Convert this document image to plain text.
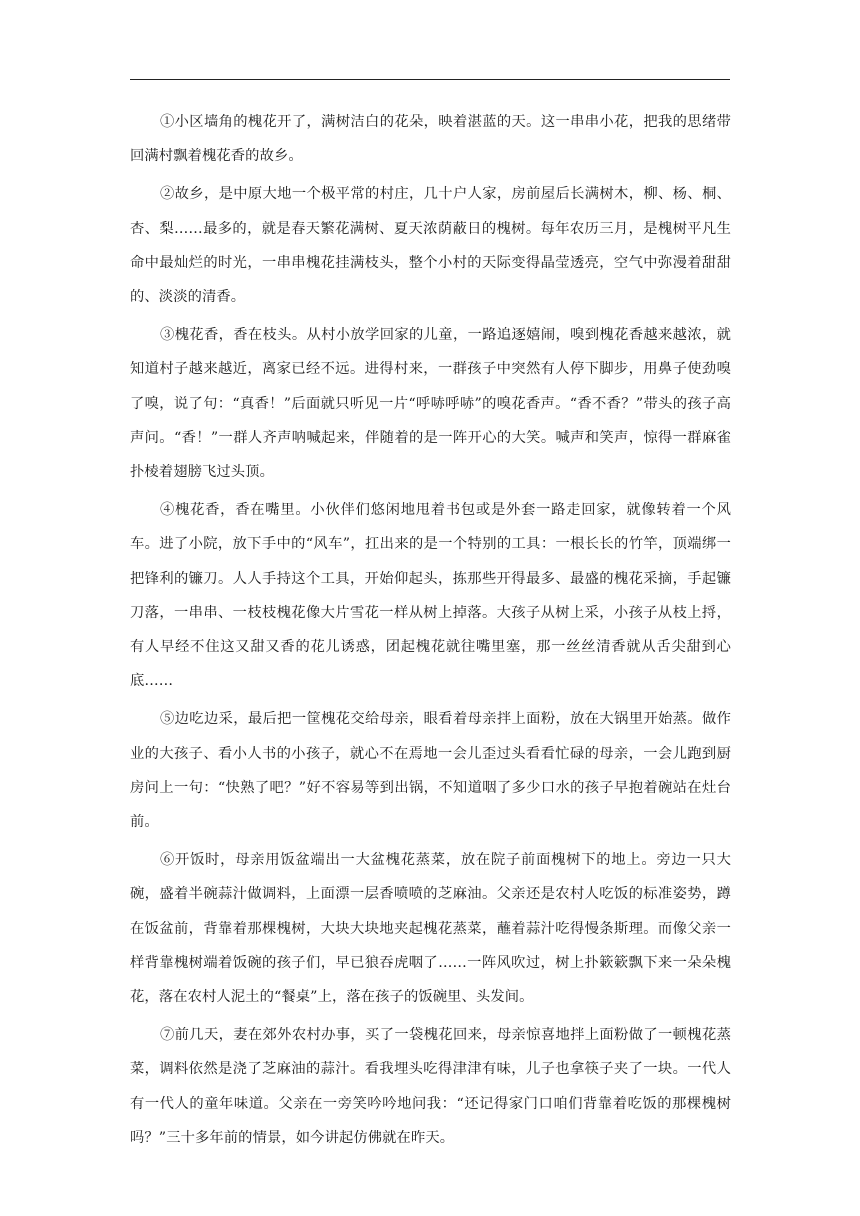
①小区墙角的槐花开了，满树洁白的花朵，映着湛蓝的天。这一串串小花，把我的思绪带回满村飘着槐花香的故乡。

②故乡，是中原大地一个极平常的村庄，几十户人家，房前屋后长满树木，柳、杨、桐、杏、梨……最多的，就是春天繁花满树、夏天浓荫蔽日的槐树。每年农历三月，是槐树平凡生命中最灿烂的时光，一串串槐花挂满枝头，整个小村的天际变得晶莹透亮，空气中弥漫着甜甜的、淡淡的清香。

③槐花香，香在枝头。从村小放学回家的儿童，一路追逐嬉闹，嗅到槐花香越来越浓，就知道村子越来越近，离家已经不远。进得村来，一群孩子中突然有人停下脚步，用鼻子使劲嗅了嗅，说了句：“真香！”后面就只听见一片“呼哧呼哧”的嗅花香声。“香不香？”带头的孩子高声问。“香！”一群人齐声呐喊起来，伴随着的是一阵开心的大笑。喊声和笑声，惊得一群麻雀扑棱着翅膀飞过头顶。

④槐花香，香在嘴里。小伙伴们悠闲地甩着书包或是外套一路走回家，就像转着一个风车。进了小院，放下手中的“风车”，扛出来的是一个特别的工具：一根长长的竹竿，顶端绑一把锋利的镰刀。人人手持这个工具，开始仰起头，拣那些开得最多、最盛的槐花采摘，手起镰刀落，一串串、一枝枝槐花像大片雪花一样从树上掉落。大孩子从树上采，小孩子从枝上捋，有人早经不住这又甜又香的花儿诱惑，团起槐花就往嘴里塞，那一丝丝清香就从舌尖甜到心底……

⑤边吃边采，最后把一筐槐花交给母亲，眼看着母亲拌上面粉，放在大锅里开始蒸。做作业的大孩子、看小人书的小孩子，就心不在焉地一会儿歪过头看看忙碌的母亲，一会儿跑到厨房问上一句：“快熟了吧？”好不容易等到出锅，不知道咽了多少口水的孩子早抱着碗站在灶台前。

⑥开饭时，母亲用饭盆端出一大盆槐花蒸菜，放在院子前面槐树下的地上。旁边一只大碗，盛着半碗蒜汁做调料，上面漂一层香喷喷的芝麻油。父亲还是农村人吃饭的标准姿势，蹲在饭盆前，背靠着那棵槐树，大块大块地夹起槐花蒸菜，蘸着蒜汁吃得慢条斯理。而像父亲一样背靠槐树端着饭碗的孩子们，早已狼吞虎咽了……一阵风吹过，树上扑簌簌飘下来一朵朵槐花，落在农村人泥土的“餐桌”上，落在孩子的饭碗里、头发间。

⑦前几天，妻在郊外农村办事，买了一袋槐花回来，母亲惊喜地拌上面粉做了一顿槐花蒸菜，调料依然是浇了芝麻油的蒜汁。看我埋头吃得津津有味，儿子也拿筷子夹了一块。一代人有一代人的童年味道。父亲在一旁笑吟吟地问我：“还记得家门口咱们背靠着吃饭的那棵槐树吗？”三十多年前的情景，如今讲起仿佛就在昨天。
